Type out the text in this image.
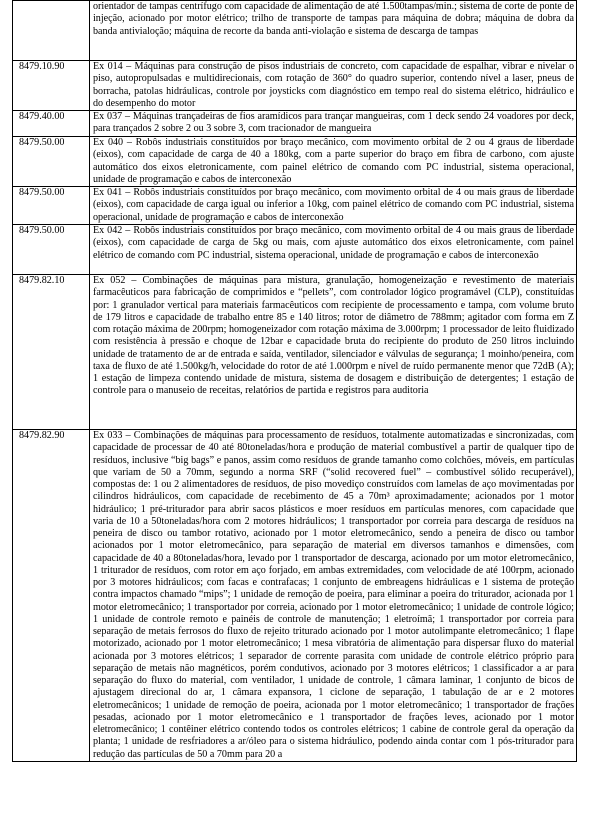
	orientador de tampas centrífugo com capacidade de alimentação de até 1.500tampas/min.; sistema de corte de ponte de injeção, acionado por motor elétrico; trilho de transporte de tampas para máquina de dobra; máquina de dobra da banda antivialoção; máquina de recorte da banda anti-violação e sistema de descarga de tampas
8479.10.90	Ex 014 – Máquinas para construção de pisos industriais de concreto, com capacidade de espalhar, vibrar e nivelar o piso, autopropulsadas e multidirecionais, com rotação de 360° do quadro superior, contendo nível a laser, pneus de borracha, patolas hidráulicas, controle por joysticks com diagnóstico em tempo real do sistema elétrico, hidráulico e do desempenho do motor
8479.40.00	Ex 037 – Máquinas trançadeiras de fios aramídicos para trançar mangueiras, com 1 deck sendo 24 voadores por deck, para trançados 2 sobre 2 ou 3 sobre 3, com tracionador de mangueira
8479.50.00	Ex 040 – Robôs industriais constituídos por braço mecânico, com movimento orbital de 2 ou 4 graus de liberdade (eixos), com capacidade de carga de 40 a 180kg, com a parte superior do braço em fibra de carbono, com ajuste automático dos eixos eletronicamente, com painel elétrico de comando com PC industrial, sistema operacional, unidade de programação e cabos de interconexão
8479.50.00	Ex 041 – Robôs industriais constituídos por braço mecânico, com movimento orbital de 4 ou mais graus de liberdade (eixos), com capacidade de carga igual ou inferior a 10kg, com painel elétrico de comando com PC industrial, sistema operacional, unidade de programação e cabos de interconexão
8479.50.00	Ex 042 – Robôs industriais constituídos por braço mecânico, com movimento orbital de 4 ou mais graus de liberdade (eixos), com capacidade de carga de 5kg ou mais, com ajuste automático dos eixos eletronicamente, com painel elétrico de comando com PC industrial, sistema operacional, unidade de programação e cabos de interconexão
8479.82.10	Ex 052 – Combinações de máquinas para mistura, granulação, homogeneização e revestimento de materiais farmacêuticos para fabricação de comprimidos e “pellets”, com controlador lógico programável (CLP), constituídas por: 1 granulador vertical para materiais farmacêuticos com recipiente de processamento e tampa, com volume bruto de 179 litros e capacidade de trabalho entre 85 e 140 litros; rotor de diâmetro de 788mm; agitador com forma em Z com rotação máxima de 200rpm; homogeneizador com rotação máxima de 3.000rpm; 1 processador de leito fluidizado com resistência à pressão e choque de 12bar e capacidade bruta do recipiente do produto de 250 litros incluindo unidade de tratamento de ar de entrada e saída, ventilador, silenciador e válvulas de segurança; 1 moinho/peneira, com taxa de fluxo de até 1.500kg/h, velocidade do rotor de até 1.000rpm e nível de ruído permanente menor que 72dB (A); 1 estação de limpeza contendo unidade de mistura, sistema de dosagem e distribuição de detergentes; 1 estação de controle para o manuseio de receitas, relatórios de partida e registros para auditoria
8479.82.90	Ex 033 – Combinações de máquinas para processamento de resíduos, totalmente automatizadas e sincronizadas, com capacidade de processar de 40 até 80toneladas/hora e produção de material combustível a partir de qualquer tipo de resíduos, inclusive “big bags” e panos, assim como resíduos de grande tamanho como colchões, móveis, em partículas que variam de 50 a 70mm, segundo a norma SRF (“solid recovered fuel” – combustível sólido recuperável), compostas de: 1 ou 2 alimentadores de resíduos, de piso movediço construídos com lamelas de aço movimentadas por cilindros hidráulicos, com capacidade de recebimento de 45 a 70m³ aproximadamente; acionados por 1 motor hidráulico; 1 pré-triturador para abrir sacos plásticos e moer resíduos em partículas menores, com capacidade que varia de 10 a 50toneladas/hora com 2 motores hidráulicos; 1 transportador por correia para descarga de resíduos na peneira de disco ou tambor rotativo, acionado por 1 motor eletromecânico, sendo a peneira de disco ou tambor acionados por 1 motor eletromecânico, para separação de material em diversos tamanhos e dimensões, com capacidade de 40 a 80toneladas/hora, levado por 1 transportador de descarga, acionado por um motor eletromecânico, 1 triturador de resíduos, com rotor em aço forjado, em ambas extremidades, com velocidade de até 100rpm, acionado por 3 motores hidráulicos; com facas e contrafacas; 1 conjunto de embreagens hidráulicas e 1 sistema de proteção contra impactos chamado “mips”; 1 unidade de remoção de poeira, para eliminar a poeira do triturador, acionada por 1 motor eletromecânico; 1 transportador por correia, acionado por 1 motor eletromecânico; 1 unidade de controle lógico; 1 unidade de controle remoto e painéis de controle de manutenção; 1 eletroímã; 1 transportador por correia para separação de metais ferrosos do fluxo de rejeito triturado acionado por 1 motor autolimpante eletromecânico; 1 flape motorizado, acionado por 1 motor eletromecânico; 1 mesa vibratória de alimentação para dispersar fluxo do material acionada por 3 motores elétricos; 1 separador de corrente parasita com unidade de controle elétrico próprio para separação de metais não magnéticos, porém condutivos, acionado por 3 motores elétricos; 1 classificador a ar para separação do fluxo do material, com ventilador, 1 unidade de controle, 1 câmara laminar, 1 conjunto de bicos de ajustagem direcional do ar, 1 câmara expansora, 1 ciclone de separação, 1 tabulação de ar e 2 motores eletromecânicos; 1 unidade de remoção de poeira, acionada por 1 motor eletromecânico; 1 transportador de frações pesadas, acionado por 1 motor eletromecânico e 1 transportador de frações leves, acionado por 1 motor eletromecânico; 1 contêiner elétrico contendo todos os controles elétricos; 1 cabine de controle geral da operação da planta; 1 unidade de resfriadores a ar/óleo para o sistema hidráulico, podendo ainda contar com 1 pós-triturador para redução das partículas de 50 a 70mm para 20 a
